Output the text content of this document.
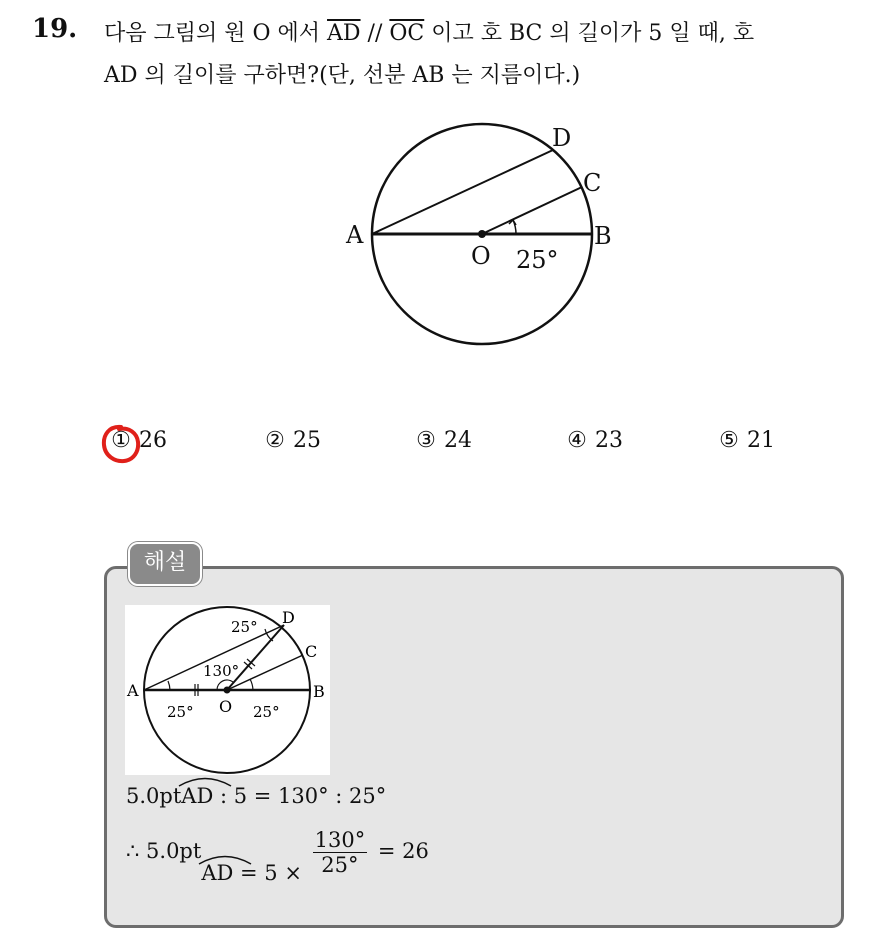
19. 다음 그림의 원 O 에서 $\overline{AD} // \overline{OC}$ 이고 호 BC 의 길이가 5 일 때, 호
AD 의 길이를 구하면?(단, 선분 AB 는 지름이다.)
A	B
C
D
O 25°
① 26	② 25	③ 24	④ 23	⑤ 21
해설
A	B
C
D
O
25°
130°
25°	25°
5.0pt
AD : 5 = 130° : 25°
∴ 5.0pt
AD = $5 \times \frac{130^\circ}{25^\circ} = 26$
